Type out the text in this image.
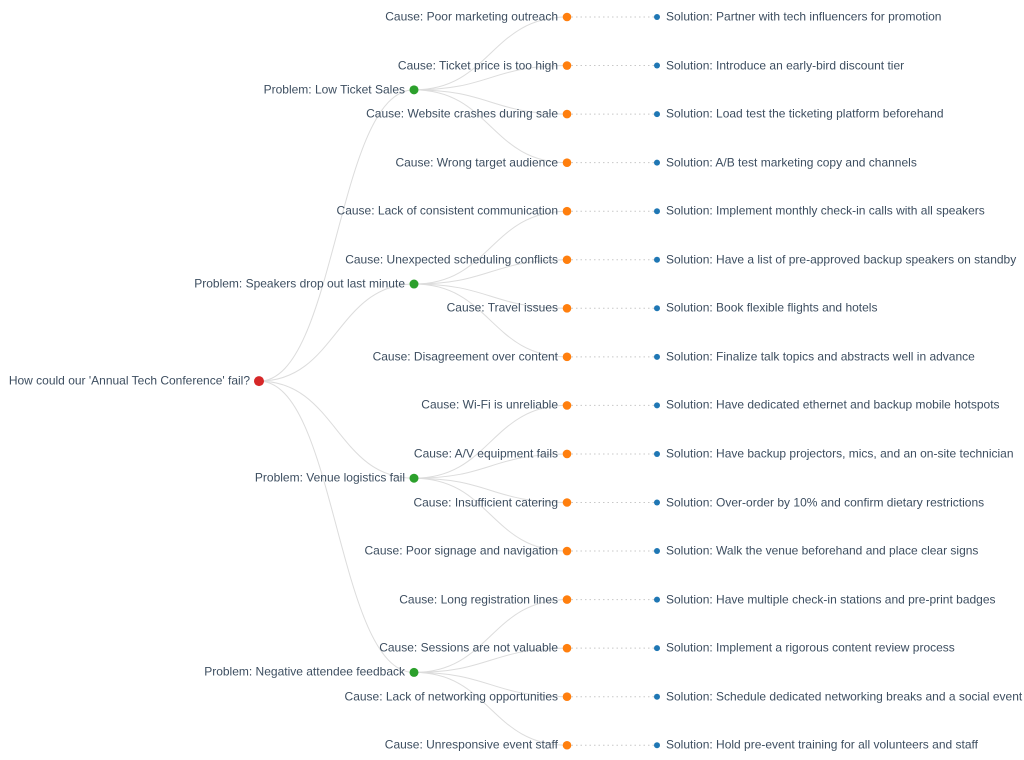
How could our 'Annual Tech Conference' fail?
Problem: Low Ticket Sales
Problem: Speakers drop out last minute
Problem: Venue logistics fail
Problem: Negative attendee feedback
Cause: Poor marketing outreach	Solution: Partner with tech influencers for promotion
Cause: Ticket price is too high	Solution: Introduce an early-bird discount tier
Cause: Website crashes during sale	Solution: Load test the ticketing platform beforehand
Cause: Wrong target audience	Solution: A/B test marketing copy and channels
Cause: Lack of consistent communication	Solution: Implement monthly check-in calls with all speakers
Cause: Unexpected scheduling conflicts	Solution: Have a list of pre-approved backup speakers on standby
Cause: Travel issues	Solution: Book flexible flights and hotels
Cause: Disagreement over content	Solution: Finalize talk topics and abstracts well in advance
Cause: Wi-Fi is unreliable	Solution: Have dedicated ethernet and backup mobile hotspots
Cause: A/V equipment fails	Solution: Have backup projectors, mics, and an on-site technician
Cause: Insufficient catering	Solution: Over-order by 10% and confirm dietary restrictions
Cause: Poor signage and navigation	Solution: Walk the venue beforehand and place clear signs
Cause: Long registration lines	Solution: Have multiple check-in stations and pre-print badges
Cause: Sessions are not valuable	Solution: Implement a rigorous content review process
Cause: Lack of networking opportunities	Solution: Schedule dedicated networking breaks and a social event
Cause: Unresponsive event staff	Solution: Hold pre-event training for all volunteers and staff
